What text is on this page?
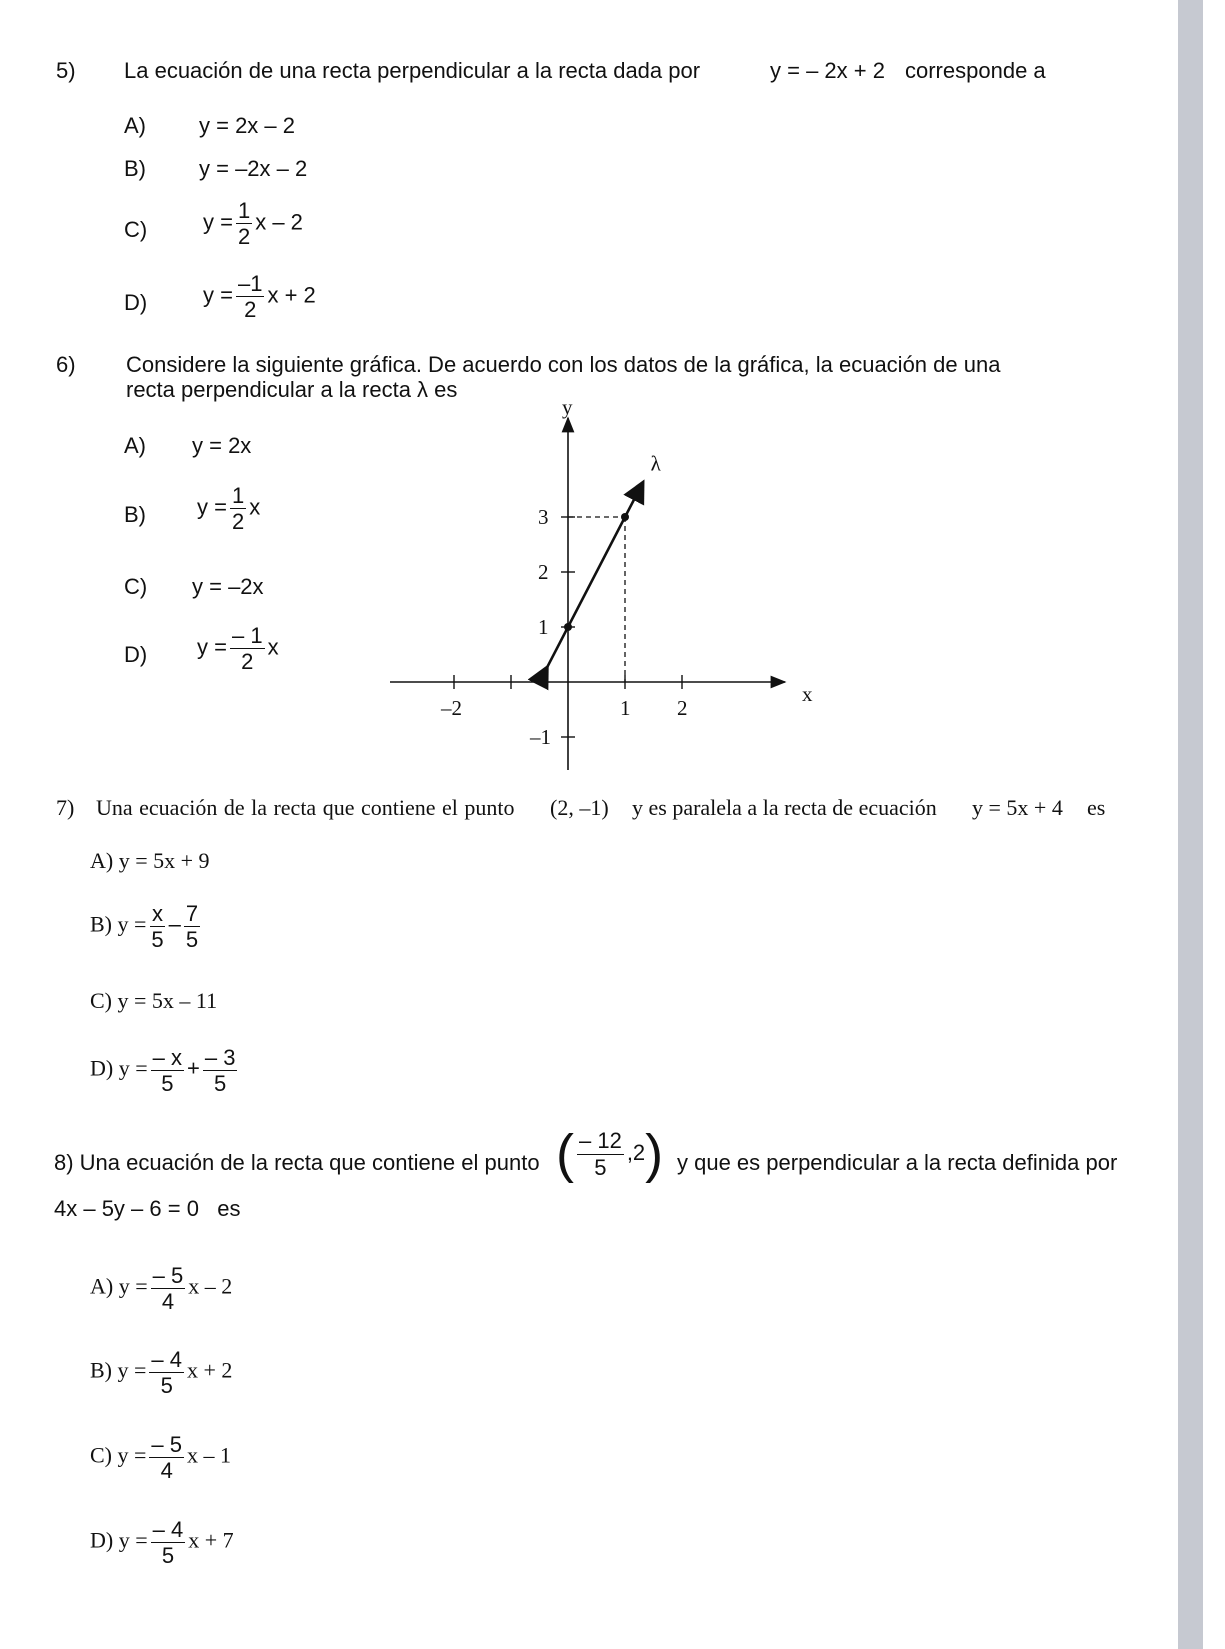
5) La ecuación de una recta perpendicular a la recta dada por	y = – 2x + 2 corresponde a
A) y = 2x – 2
B) y = –2x – 2
C)	$y = \frac{1}{2}$ x – 2
D)	$y = \frac{-1}{2}$ x + 2
6) Considere la siguiente gráfica. De acuerdo con los datos de la gráfica, la ecuación de una
recta perpendicular a la recta λ es
A) y = 2x
B) $y = \frac{1}{2}$ x
C) y = –2x
D) $y = \frac{- 1}{2}$ x
x
y
–2	1 2
3
2
1
–1
λ
7) Una ecuación de la recta que contiene el punto (2, –1) y es paralela a la recta de ecuación y = 5x + 4 es
A) y = 5x + 9
B) $y = \frac{x}{5} - \frac{7}{5}$
C) y = 5x – 11
D) $y = \frac{- x}{5} + \frac{- 3}{5}$
8) Una ecuación de la recta que contiene el punto ( $\frac{- 12}{5} ,2$) y que es perpendicular a la recta definida por
4x – 5y – 6 = 0 es
A) $y = \frac{- 5}{4}$ x – 2
B) $y = \frac{- 4}{5}$ x + 2
C) $y = \frac{- 5}{4}$ x – 1
D) $y = \frac{- 4}{5}$ x + 7
